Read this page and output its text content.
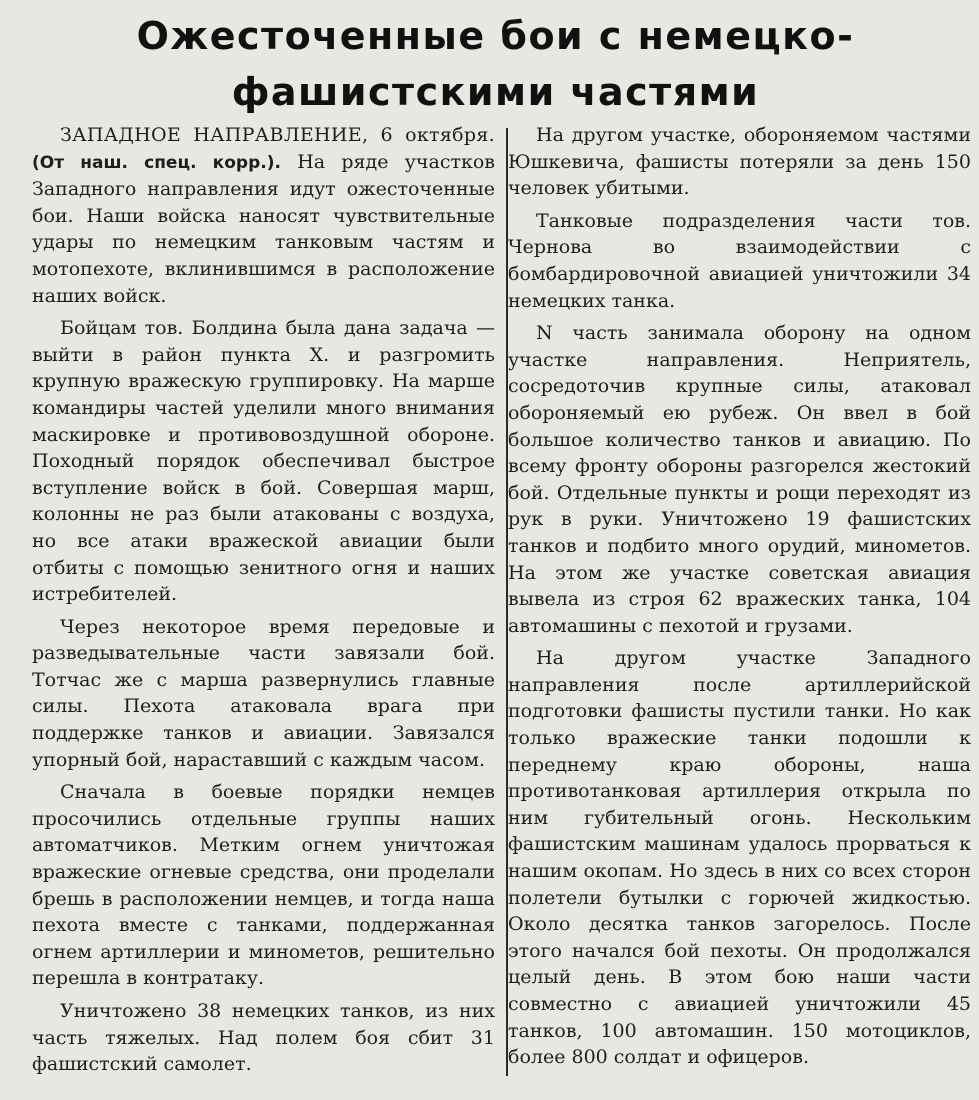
Ожесточенные бои с немецко-
фашистскими частями

ЗАПАДНОЕ НАПРАВЛЕНИЕ, 6 октября. (От наш. спец. корр.). На ряде участков Западного направления идут ожесточенные бои. Наши войска наносят чувствительные удары по немецким танковым частям и мотопехоте, вклинившимся в расположение наших войск.

Бойцам тов. Болдина была дана задача — выйти в район пункта Х. и разгромить крупную вражескую группировку. На марше командиры частей уделили много внимания маскировке и противовоздушной обороне. Походный порядок обеспечивал быстрое вступление войск в бой. Совершая марш, колонны не раз были атакованы с воздуха, но все атаки вражеской авиации были отбиты с помощью зенитного огня и наших истребителей.

Через некоторое время передовые и разведывательные части завязали бой. Тотчас же с марша развернулись главные силы. Пехота атаковала врага при поддержке танков и авиации. Завязался упорный бой, нараставший с каждым часом.

Сначала в боевые порядки немцев просочились отдельные группы наших автоматчиков. Метким огнем уничтожая вражеские огневые средства, они проделали брешь в расположении немцев, и тогда наша пехота вместе с танками, поддержанная огнем артиллерии и минометов, решительно перешла в контратаку.

Уничтожено 38 немецких танков, из них часть тяжелых. Над полем боя сбит 31 фашистский самолет.

На другом участке, обороняемом частями Юшкевича, фашисты потеряли за день 150 человек убитыми.

Танковые подразделения части тов. Чернова во взаимодействии с бомбардировочной авиацией уничтожили 34 немецких танка.

N часть занимала оборону на одном участке направления. Неприятель, сосредоточив крупные силы, атаковал обороняемый ею рубеж. Он ввел в бой большое количество танков и авиацию. По всему фронту обороны разгорелся жестокий бой. Отдельные пункты и рощи переходят из рук в руки. Уничтожено 19 фашистских танков и подбито много орудий, минометов. На этом же участке советская авиация вывела из строя 62 вражеских танка, 104 автомашины с пехотой и грузами.

На другом участке Западного направления после артиллерийской подготовки фашисты пустили танки. Но как только вражеские танки подошли к переднему краю обороны, наша противотанковая артиллерия открыла по ним губительный огонь. Нескольким фашистским машинам удалось прорваться к нашим окопам. Но здесь в них со всех сторон полетели бутылки с горючей жидкостью. Около десятка танков загорелось. После этого начался бой пехоты. Он продолжался целый день. В этом бою наши части совместно с авиацией уничтожили 45 танков, 100 автомашин. 150 мотоциклов, более 800 солдат и офицеров.
